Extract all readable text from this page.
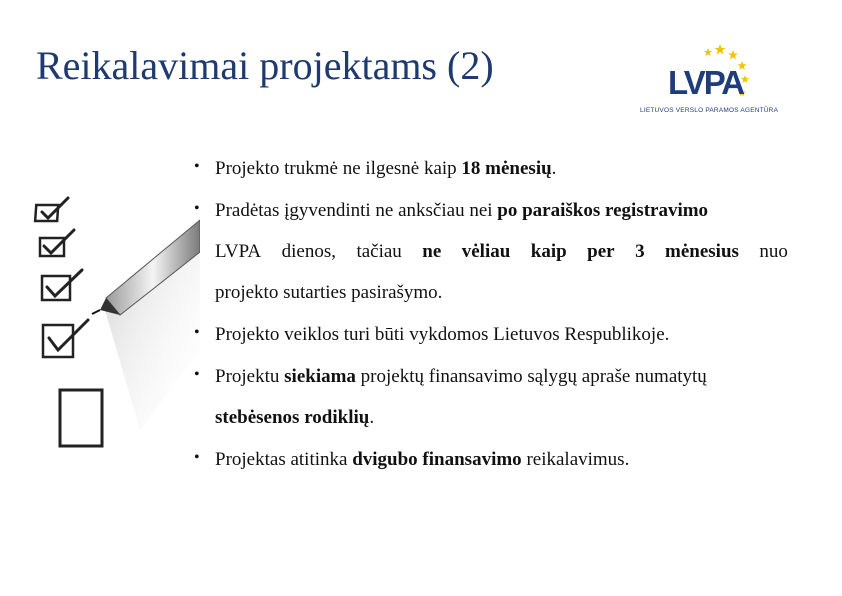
Reikalavimai projektams (2)	LVPA
LIETUVOS VERSLO PARAMOS AGENTŪRA
• Projekto trukmė ne ilgesnė kaip 18 mėnesių.
• Pradėtas įgyvendinti ne anksčiau nei po paraiškos registravimo
LVPA dienos, tačiau ne vėliau kaip per 3 mėnesius nuo
projekto sutarties pasirašymo.
• Projekto veiklos turi būti vykdomos Lietuvos Respublikoje.
• Projektu siekiama projektų finansavimo sąlygų apraše numatytų
stebėsenos rodiklių.
• Projektas atitinka dvigubo finansavimo reikalavimus.
